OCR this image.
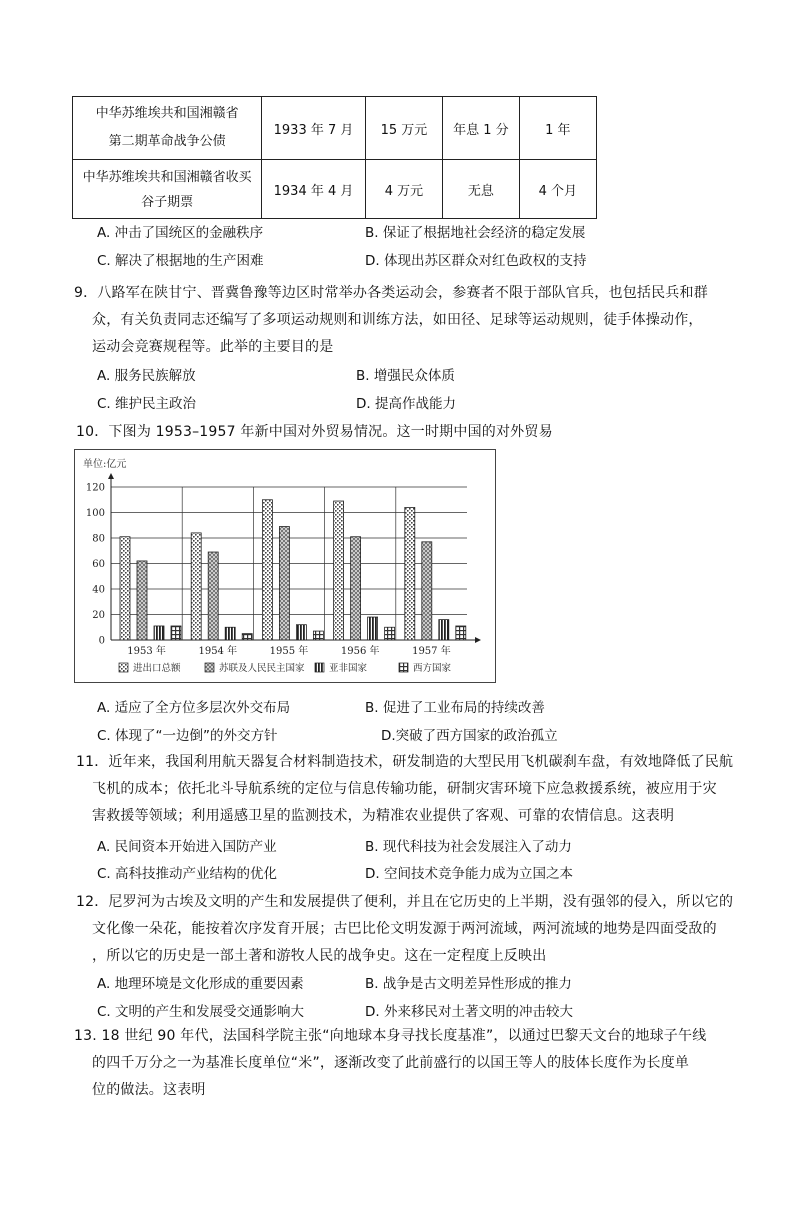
中华苏维埃共和国湘赣省
第二期革命战争公债	1933 年 7 月	15 万元	年息 1 分	1 年

中华苏维埃共和国湘赣省收买
谷子期票	1934 年 4 月	4 万元	无息	4 个月
A. 冲击了国统区的金融秩序	B. 保证了根据地社会经济的稳定发展
C. 解决了根据地的生产困难	D. 体现出苏区群众对红色政权的支持
9．八路军在陕甘宁、晋冀鲁豫等边区时常举办各类运动会，参赛者不限于部队官兵，也包括民兵和群
众，有关负责同志还编写了多项运动规则和训练方法，如田径、足球等运动规则，徒手体操动作，
运动会竞赛规程等。此举的主要目的是
A. 服务民族解放	B. 增强民众体质
C. 维护民主政治	D. 提高作战能力
10．下图为 1953–1957 年新中国对外贸易情况。这一时期中国的对外贸易
单位:亿元
0
20
40
60
80
100
120
1953 年	1954 年	1955 年	1956 年	1957 年
进出口总额	苏联及人民民主国家	亚非国家	西方国家
A. 适应了全方位多层次外交布局	B. 促进了工业布局的持续改善
C. 体现了“一边倒”的外交方针	D.突破了西方国家的政治孤立
11．近年来，我国利用航天器复合材料制造技术，研发制造的大型民用飞机碳刹车盘，有效地降低了民航
飞机的成本；依托北斗导航系统的定位与信息传输功能，研制灾害环境下应急救援系统，被应用于灾
害救援等领域；利用遥感卫星的监测技术，为精准农业提供了客观、可靠的农情信息。这表明
A. 民间资本开始进入国防产业	B. 现代科技为社会发展注入了动力
C. 高科技推动产业结构的优化	D. 空间技术竞争能力成为立国之本
12．尼罗河为古埃及文明的产生和发展提供了便利，并且在它历史的上半期，没有强邻的侵入，所以它的
文化像一朵花，能按着次序发育开展；古巴比伦文明发源于两河流域，两河流域的地势是四面受敌的
，所以它的历史是一部土著和游牧人民的战争史。这在一定程度上反映出
A. 地理环境是文化形成的重要因素	B. 战争是古文明差异性形成的推力
C. 文明的产生和发展受交通影响大	D. 外来移民对土著文明的冲击较大
13. 18 世纪 90 年代，法国科学院主张“向地球本身寻找长度基准”，以通过巴黎天文台的地球子午线
的四千万分之一为基准长度单位“米”，逐渐改变了此前盛行的以国王等人的肢体长度作为长度单
位的做法。这表明
